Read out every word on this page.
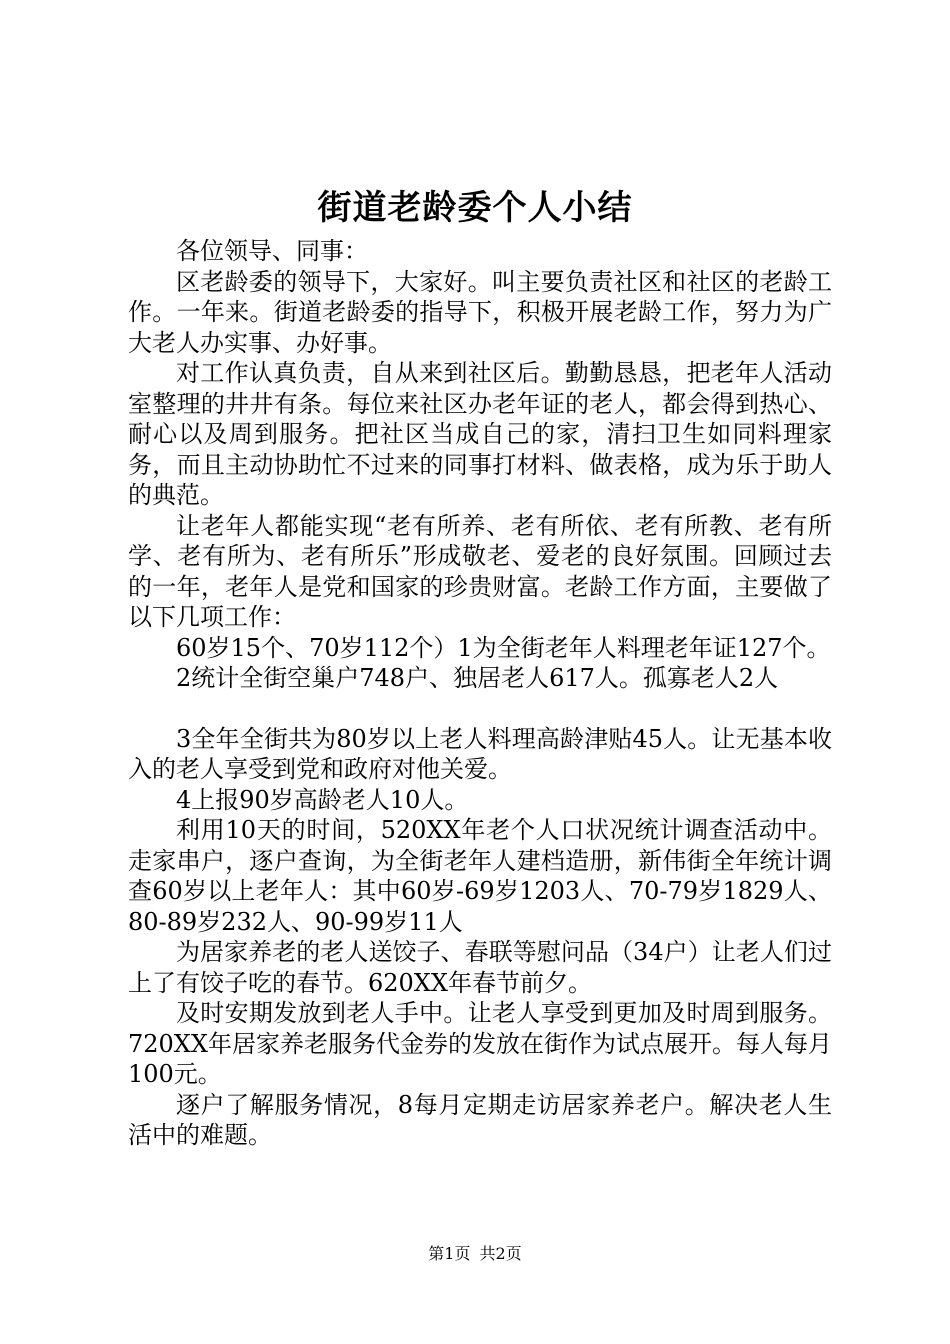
街道老龄委个人小结

各位领导、同事：

区老龄委的领导下，大家好。叫主要负责社区和社区的老龄工作。一年来。街道老龄委的指导下，积极开展老龄工作，努力为广大老人办实事、办好事。

对工作认真负责，自从来到社区后。勤勤恳恳，把老年人活动室整理的井井有条。每位来社区办老年证的老人，都会得到热心、耐心以及周到服务。把社区当成自己的家，清扫卫生如同料理家务，而且主动协助忙不过来的同事打材料、做表格，成为乐于助人的典范。

让老年人都能实现“老有所养、老有所依、老有所教、老有所学、老有所为、老有所乐”形成敬老、爱老的良好氛围。回顾过去的一年，老年人是党和国家的珍贵财富。老龄工作方面，主要做了以下几项工作：

60岁15个、70岁112个）1为全街老年人料理老年证127个。

2统计全街空巢户748户、独居老人617人。孤寡老人2人

3全年全街共为80岁以上老人料理高龄津贴45人。让无基本收入的老人享受到党和政府对他关爱。

4上报90岁高龄老人10人。

利用10天的时间，520XX年老个人口状况统计调查活动中。走家串户，逐户查询，为全街老年人建档造册，新伟街全年统计调查60岁以上老年人：其中60岁-69岁1203人、70-79岁1829人、80-89岁232人、90-99岁11人

为居家养老的老人送饺子、春联等慰问品（34户）让老人们过上了有饺子吃的春节。620XX年春节前夕。

及时安期发放到老人手中。让老人享受到更加及时周到服务。720XX年居家养老服务代金券的发放在街作为试点展开。每人每月100元。

逐户了解服务情况，8每月定期走访居家养老户。解决老人生活中的难题。

第1页 共2页
